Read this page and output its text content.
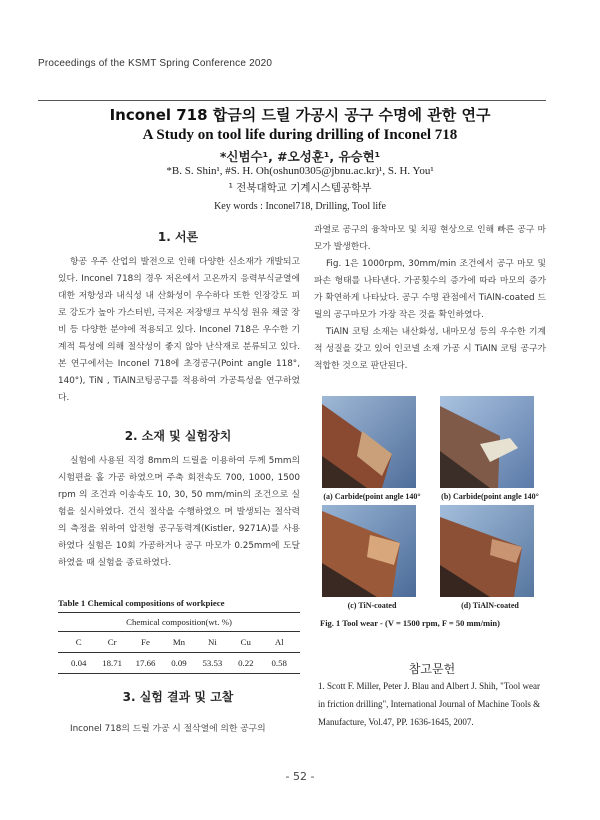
Proceedings of the KSMT Spring Conference 2020
Inconel 718 합금의 드릴 가공시 공구 수명에 관한 연구
A Study on tool life during drilling of Inconel 718
*신범수¹, #오성훈¹, 유승현¹
*B. S. Shin¹, #S. H. Oh(oshun0305@jbnu.ac.kr)¹, S. H. You¹
¹ 전북대학교 기계시스템공학부
Key words : Inconel718, Drilling, Tool life
1. 서론

항공 우주 산업의 발전으로 인해 다양한 신소재가 개발되고 있다. Inconel 718의 경우 저온에서 고온까지 응력부식균열에 대한 저항성과 내식성 내 산화성이 우수하다 또한 인장강도 피로 강도가 높아 가스터빈, 극저온 저장탱크 부식성 원유 채굴 장비 등 다양한 분야에 적용되고 있다. Inconel 718은 우수한 기계적 특성에 의해 절삭성이 좋지 않아 난삭재로 분류되고 있다. 본 연구에서는 Inconel 718에 초경공구(Point angle 118°, 140°), TiN , TiAlN코팅공구를 적용하여 가공특성을 연구하였다.

2. 소재 및 실험장치

실험에 사용된 직경 8mm의 드릴을 이용하여 두께 5mm의 시험편을 홀 가공 하였으며 주축 회전속도 700, 1000, 1500 rpm 의 조건과 이송속도 10, 30, 50 mm/min의 조건으로 실험을 실시하였다. 건식 절삭을 수행하였으 며 발생되는 절삭력의 측정을 위하여 압전형 공구동력계(Kistler, 9271A)를 사용하였다 실험은 10회 가공하거나 공구 마모가 0.25mm에 도달 하였을 때 실험을 종료하였다.

Table 1 Chemical compositions of workpiece
Chemical composition(wt. %)
C	Cr	Fe	Mn	Ni	Cu	Al
0.04	18.71	17.66	0.09	53.53	0.22	0.58
3. 실험 결과 및 고찰

Inconel 718의 드릴 가공 시 절삭열에 의한 공구의

과열로 공구의 융착마모 및 치핑 현상으로 인해 빠른 공구 마모가 발생한다.

Fig. 1은 1000rpm, 30mm/min 조건에서 공구 마모 및 파손 형태를 나타낸다. 가공횟수의 증가에 따라 마모의 증가가 확연하게 나타났다. 공구 수명 관점에서 TiAlN-coated 드릴의 공구마모가 가장 작은 것을 확인하였다.

TiAlN 코팅 소재는 내산화성, 내마모성 등의 우수한 기계적 성질을 갖고 있어 인코넬 소재 가공 시 TiAlN 코팅 공구가 적합한 것으로 판단된다.

(a) Carbide(point angle 140°	(b) Carbide(point angle 140°
(c) TiN-coated	(d) TiAlN-coated
Fig. 1 Tool wear - (V = 1500 rpm, F = 50 mm/min)
참고문헌
1. Scott F. Miller, Peter J. Blau and Albert J. Shih, "Tool wear in friction drilling", International Journal of Machine Tools & Manufacture, Vol.47, PP. 1636-1645, 2007.
- 52 -
